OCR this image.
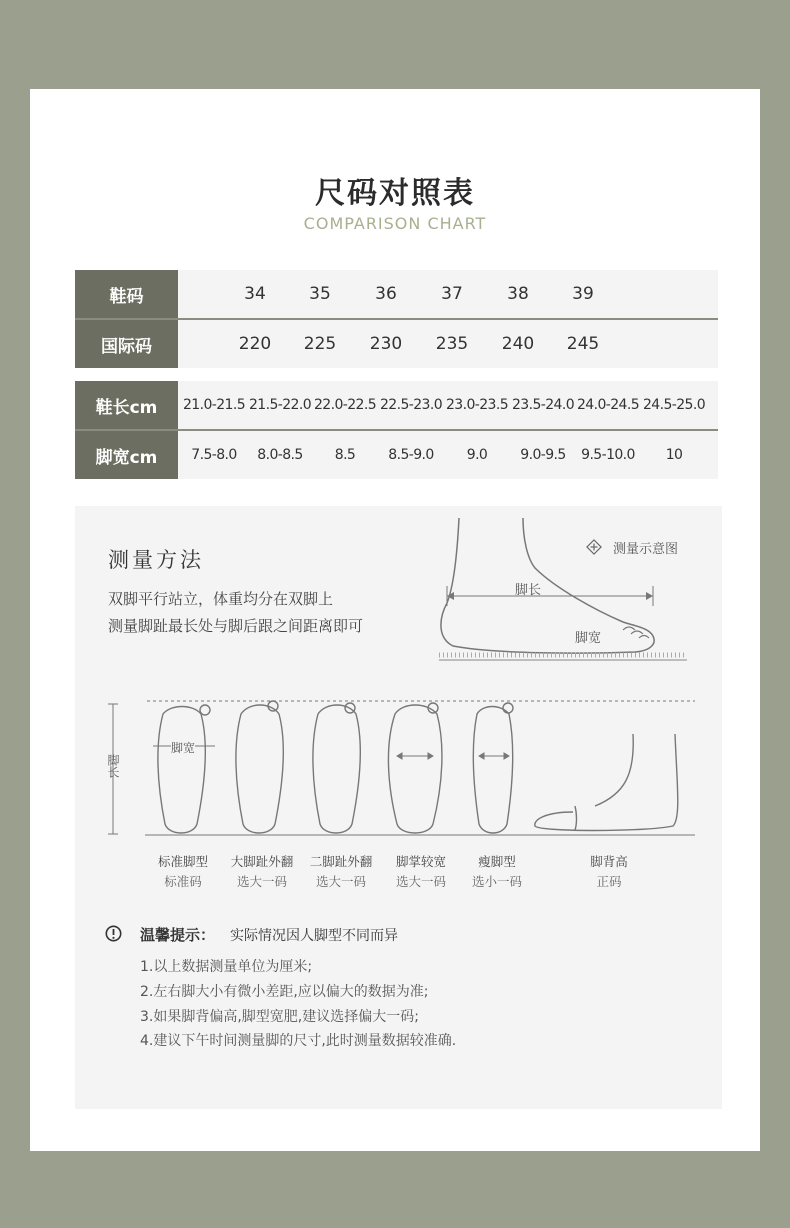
尺码对照表
COMPARISON CHART
鞋码	34	35	36	37	38	39
国际码	220 225 230 235 240 245
鞋长cm	21.0-21.5 21.5-22.0 22.0-22.5 22.5-23.0 23.0-23.5 23.5-24.0 24.0-24.5 24.5-25.0
脚宽cm	7.5-8.0 8.0-8.5 8.5 8.5-9.0 9.0 9.0-9.5 9.5-10.0 10
测量方法
双脚平行站立，体重均分在双脚上
测量脚趾最长处与脚后跟之间距离即可
测量示意图
脚长
脚宽
脚长
脚宽
标准脚型
标准码
大脚趾外翻
选大一码
二脚趾外翻
选大一码
脚掌较宽
选大一码
瘦脚型
选小一码
脚背高
正码
温馨提示： 实际情况因人脚型不同而异
1.以上数据测量单位为厘米;
2.左右脚大小有微小差距,应以偏大的数据为准;
3.如果脚背偏高,脚型宽肥,建议选择偏大一码;
4.建议下午时间测量脚的尺寸,此时测量数据较准确.
